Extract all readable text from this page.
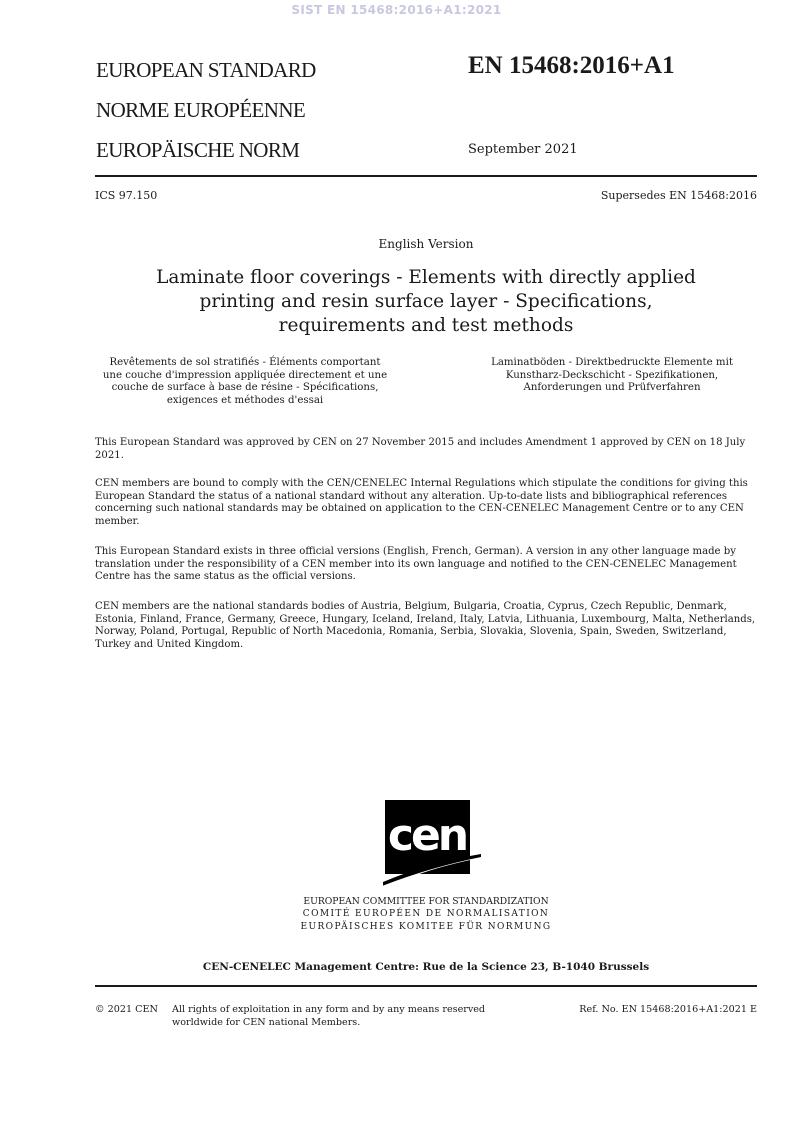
SIST EN 15468:2016+A1:2021
EUROPEAN STANDARD
NORME EUROPÉENNE
EUROPÄISCHE NORM
EN 15468:2016+A1
September 2021
ICS 97.150	Supersedes EN 15468:2016
English Version
Laminate floor coverings - Elements with directly applied
printing and resin surface layer - Specifications,
requirements and test methods
Revêtements de sol stratifiés - Éléments comportant
une couche d'impression appliquée directement et une
couche de surface à base de résine - Spécifications,
exigences et méthodes d'essai
Laminatböden - Direktbedruckte Elemente mit
Kunstharz-Deckschicht - Spezifikationen,
Anforderungen und Prüfverfahren

This European Standard was approved by CEN on 27 November 2015 and includes Amendment 1 approved by CEN on 18 July 2021.

CEN members are bound to comply with the CEN/CENELEC Internal Regulations which stipulate the conditions for giving this European Standard the status of a national standard without any alteration. Up-to-date lists and bibliographical references concerning such national standards may be obtained on application to the CEN-CENELEC Management Centre or to any CEN member.

This European Standard exists in three official versions (English, French, German). A version in any other language made by translation under the responsibility of a CEN member into its own language and notified to the CEN-CENELEC Management Centre has the same status as the official versions.

CEN members are the national standards bodies of Austria, Belgium, Bulgaria, Croatia, Cyprus, Czech Republic, Denmark, Estonia, Finland, France, Germany, Greece, Hungary, Iceland, Ireland, Italy, Latvia, Lithuania, Luxembourg, Malta, Netherlands, Norway, Poland, Portugal, Republic of North Macedonia, Romania, Serbia, Slovakia, Slovenia, Spain, Sweden, Switzerland, Turkey and United Kingdom.

cen
EUROPEAN COMMITTEE FOR STANDARDIZATION
COMITÉ EUROPÉEN DE NORMALISATION
EUROPÄISCHES KOMITEE FÜR NORMUNG
CEN-CENELEC Management Centre: Rue de la Science 23, B-1040 Brussels
© 2021 CEN All rights of exploitation in any form and by any means reserved
worldwide for CEN national Members.
Ref. No. EN 15468:2016+A1:2021 E
